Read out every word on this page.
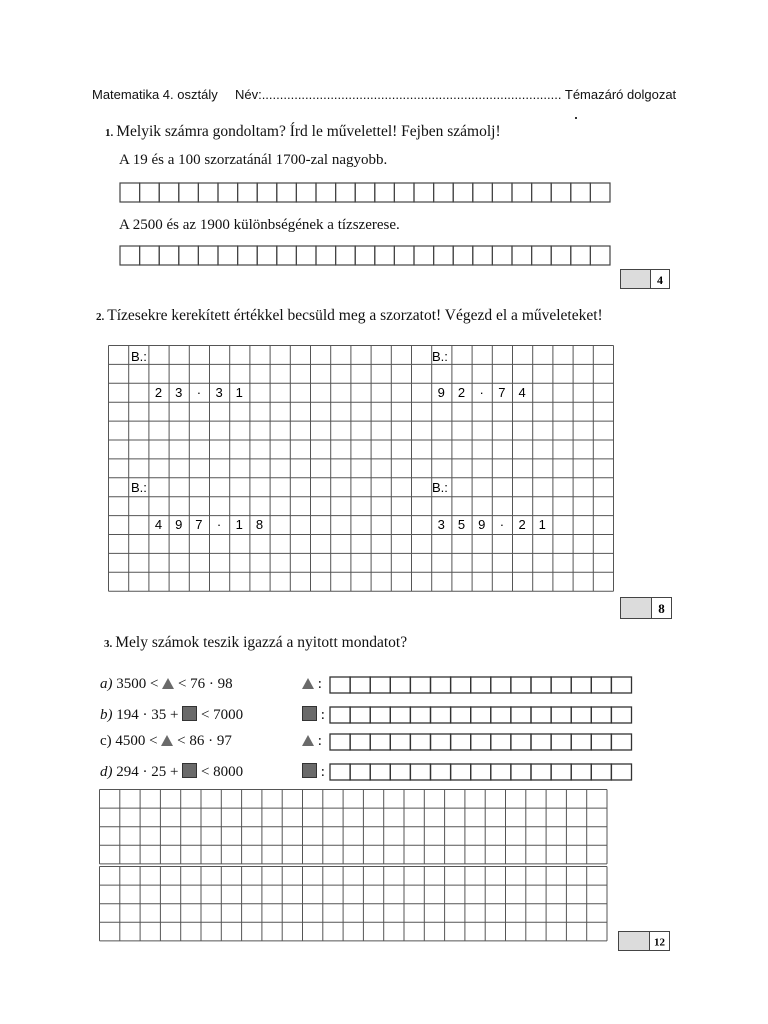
Matematika 4. osztály Név:................................................................................... Témazáró dolgozat
1. Melyik számra gondoltam? Írd le művelettel! Fejben számolj!
A 19 és a 100 szorzatánál 1700-zal nagyobb.
A 2500 és az 1900 különbségének a tízszerese.
4
2. Tízesekre kerekített értékkel becsüld meg a szorzatot! Végezd el a műveleteket!
B.:	B.:
B.:	B.:
2 3 · 3 1	9 2 · 7 4
4 9 7 · 1 8	3 5 9 · 2 1
8
3. Mely számok teszik igazzá a nyitott mondatot?
a) 3500 < < 76 · 98
b) 194 · 35 + < 7000
c) 4500 < < 86 · 97
d) 294 · 25 + < 8000
:
:
:
:
12
